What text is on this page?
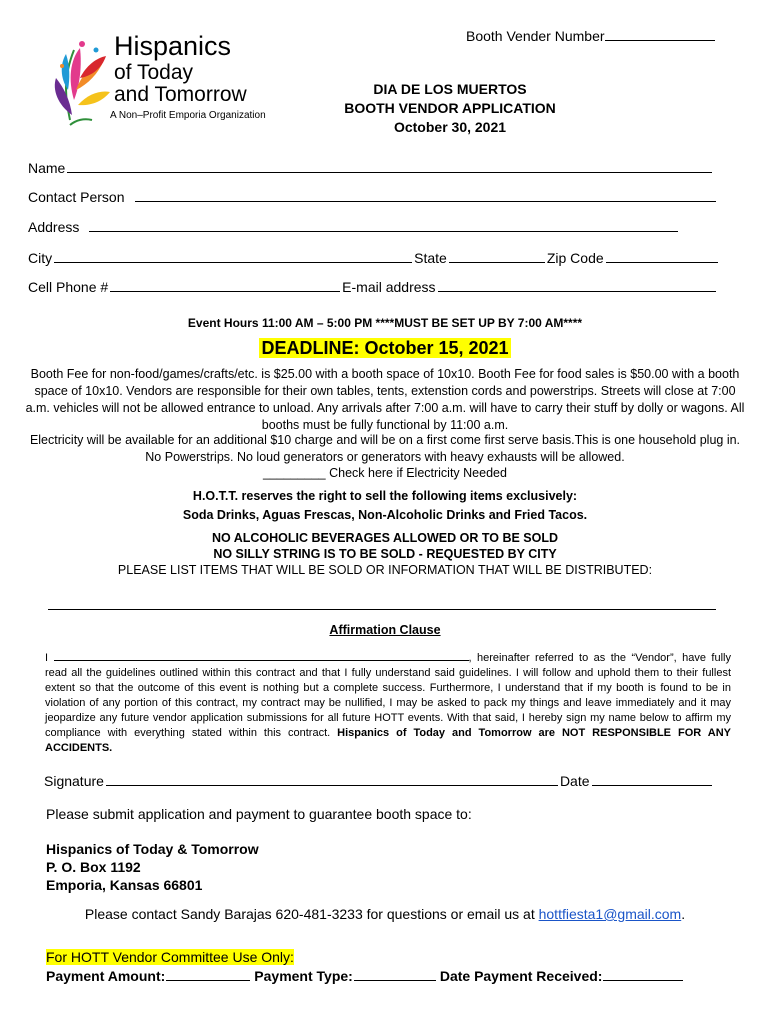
Hispanics
of Today
and Tomorrow
A Non–Profit Emporia Organization
Booth Vender Number
DIA DE LOS MUERTOS
BOOTH VENDOR APPLICATION
October 30, 2021
Name
Contact Person
Address
City	State	Zip Code
Cell Phone #	E-mail address
Event Hours 11:00 AM – 5:00 PM ****MUST BE SET UP BY 7:00 AM****
DEADLINE: October 15, 2021
Booth Fee for non-food/games/crafts/etc. is $25.00 with a booth space of 10x10. Booth Fee for food sales is $50.00 with a booth space of 10x10. Vendors are responsible for their own tables, tents, extenstion cords and powerstrips. Streets will close at 7:00 a.m. vehicles will not be allowed entrance to unload. Any arrivals after 7:00 a.m. will have to carry their stuff by dolly or wagons. All booths must be fully functional by 11:00 a.m.
Electricity will be available for an additional $10 charge and will be on a first come first serve basis.This is one household plug in. No Powerstrips. No loud generators or generators with heavy exhausts will be allowed.
_________ Check here if Electricity Needed
H.O.T.T. reserves the right to sell the following items exclusively:
Soda Drinks, Aguas Frescas, Non-Alcoholic Drinks and Fried Tacos.
NO ALCOHOLIC BEVERAGES ALLOWED OR TO BE SOLD
NO SILLY STRING IS TO BE SOLD - REQUESTED BY CITY
PLEASE LIST ITEMS THAT WILL BE SOLD OR INFORMATION THAT WILL BE DISTRIBUTED:
Affirmation Clause
I	, hereinafter referred to as the “Vendor”, have fully read all the guidelines outlined within this contract and that I fully understand said guidelines. I will follow and uphold them to their fullest extent so that the outcome of this event is nothing but a complete success. Furthermore, I understand that if my booth is found to be in violation of any portion of this contract, my contract may be nullified, I may be asked to pack my things and leave immediately and it may jeopardize any future vendor application submissions for all future HOTT events. With that said, I hereby sign my name below to affirm my compliance with everything stated within this contract. Hispanics of Today and Tomorrow are NOT RESPONSIBLE FOR ANY ACCIDENTS.
Signature	Date
Please submit application and payment to guarantee booth space to:
Hispanics of Today & Tomorrow
P. O. Box 1192
Emporia, Kansas 66801
Please contact Sandy Barajas 620-481-3233 for questions or email us at hottfiesta1@gmail.com.
For HOTT Vendor Committee Use Only:
Payment Amount:	Payment Type:	Date Payment Received:
